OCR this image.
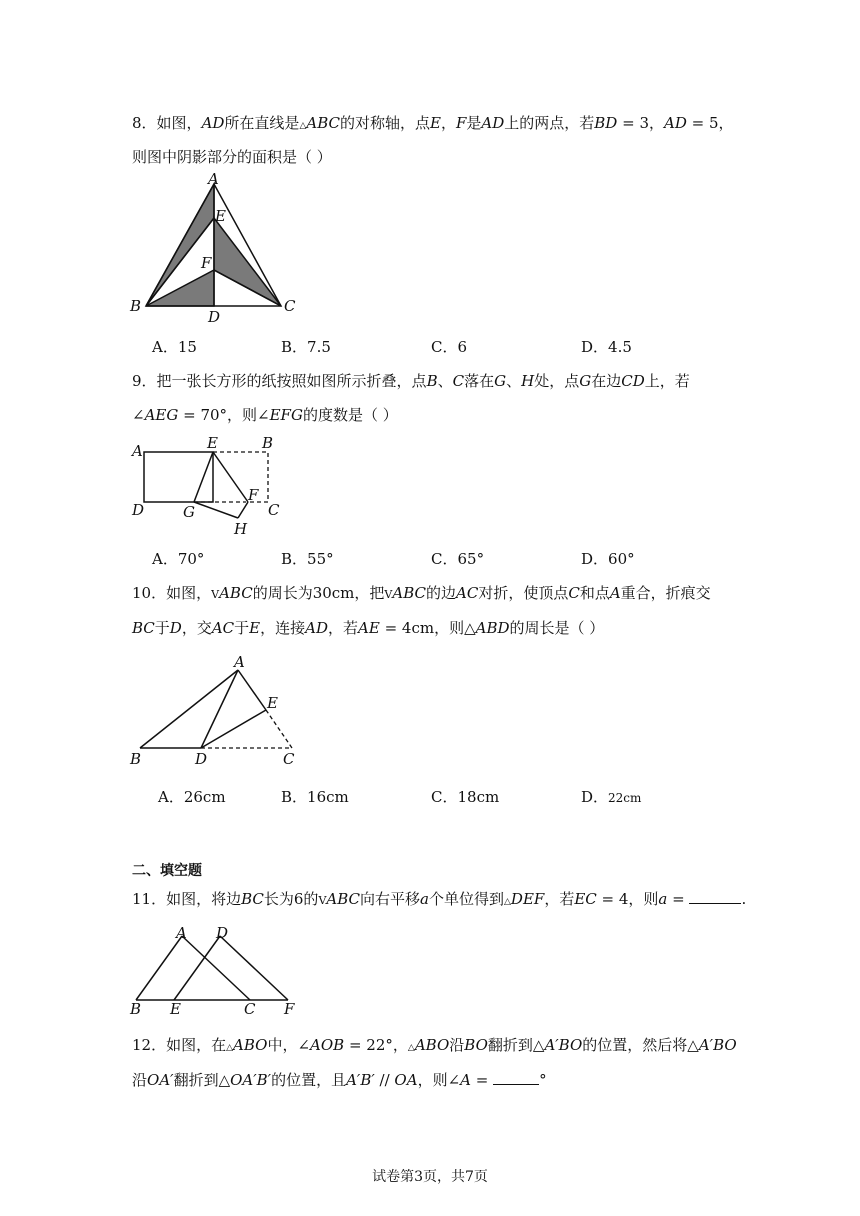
8．如图，AD所在直线是△ABC的对称轴，点E，F是AD上的两点，若BD = 3，AD = 5，
则图中阴影部分的面积是（ ）
A
B	C
D
E
F
A．15	B．7.5	C．6	D．4.5
9．把一张长方形的纸按照如图所示折叠，点B、C落在G、H处，点G在边CD上，若
∠AEG = 70°，则∠EFG的度数是（ ）
A	E	B
D	G
F
C
H
A．70°	B．55°	C．65°	D．60°
10．如图，VABC的周长为30cm，把VABC的边AC对折，使顶点C和点A重合，折痕交
BC于D，交AC于E，连接AD，若AE = 4cm，则△ABD的周长是（ ）
A
E
B	D	C
A．26cm	B．16cm	C．18cm	D．22cm
二、填空题
11．如图，将边BC长为6的VABC向右平移a个单位得到△DEF，若EC = 4，则a =	.
A D
B E	C F
12．如图，在△ABO中，∠AOB = 22°，△ABO沿BO翻折到△A′BO的位置，然后将△A′BO
沿OA′翻折到△OA′B′的位置，且A′B′ // OA，则∠A =	°
试卷第3页，共7页
